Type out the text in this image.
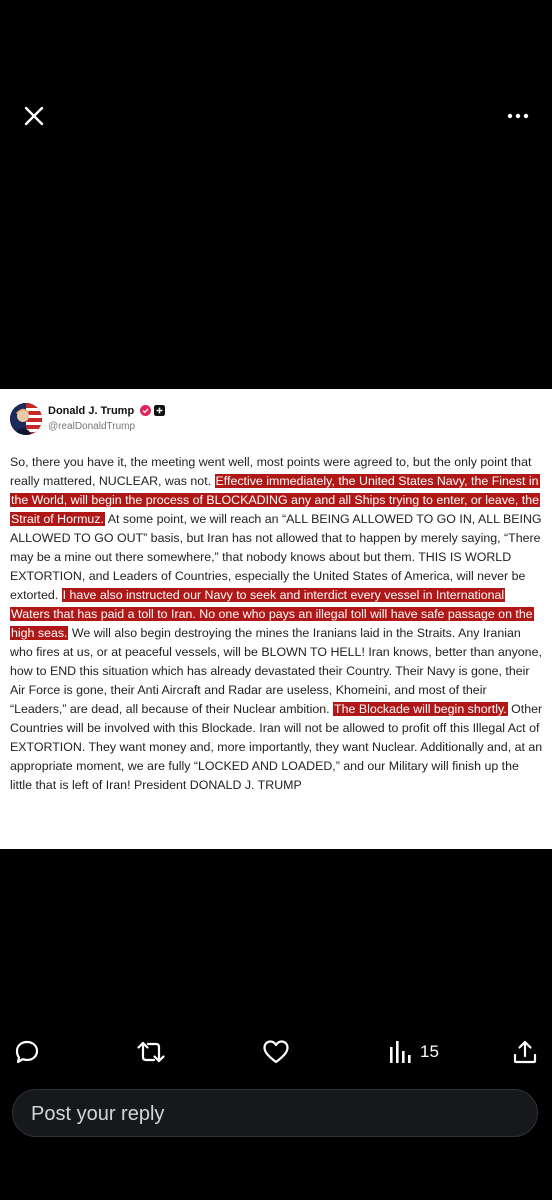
Donald J. Trump
@realDonaldTrump
So, there you have it, the meeting went well, most points were agreed to, but the only point that really mattered, NUCLEAR, was not. Effective immediately, the United States Navy, the Finest in the World, will begin the process of BLOCKADING any and all Ships trying to enter, or leave, the Strait of Hormuz. At some point, we will reach an “ALL BEING ALLOWED TO GO IN, ALL BEING ALLOWED TO GO OUT” basis, but Iran has not allowed that to happen by merely saying, “There may be a mine out there somewhere,” that nobody knows about but them. THIS IS WORLD EXTORTION, and Leaders of Countries, especially the United States of America, will never be extorted. I have also instructed our Navy to seek and interdict every vessel in International Waters that has paid a toll to Iran. No one who pays an illegal toll will have safe passage on the high seas. We will also begin destroying the mines the Iranians laid in the Straits. Any Iranian who fires at us, or at peaceful vessels, will be BLOWN TO HELL! Iran knows, better than anyone, how to END this situation which has already devastated their Country. Their Navy is gone, their Air Force is gone, their Anti Aircraft and Radar are useless, Khomeini, and most of their “Leaders,” are dead, all because of their Nuclear ambition. The Blockade will begin shortly. Other Countries will be involved with this Blockade. Iran will not be allowed to profit off this Illegal Act of EXTORTION. They want money and, more importantly, they want Nuclear. Additionally and, at an appropriate moment, we are fully “LOCKED AND LOADED,” and our Military will finish up the little that is left of Iran! President DONALD J. TRUMP
15
Post your reply
